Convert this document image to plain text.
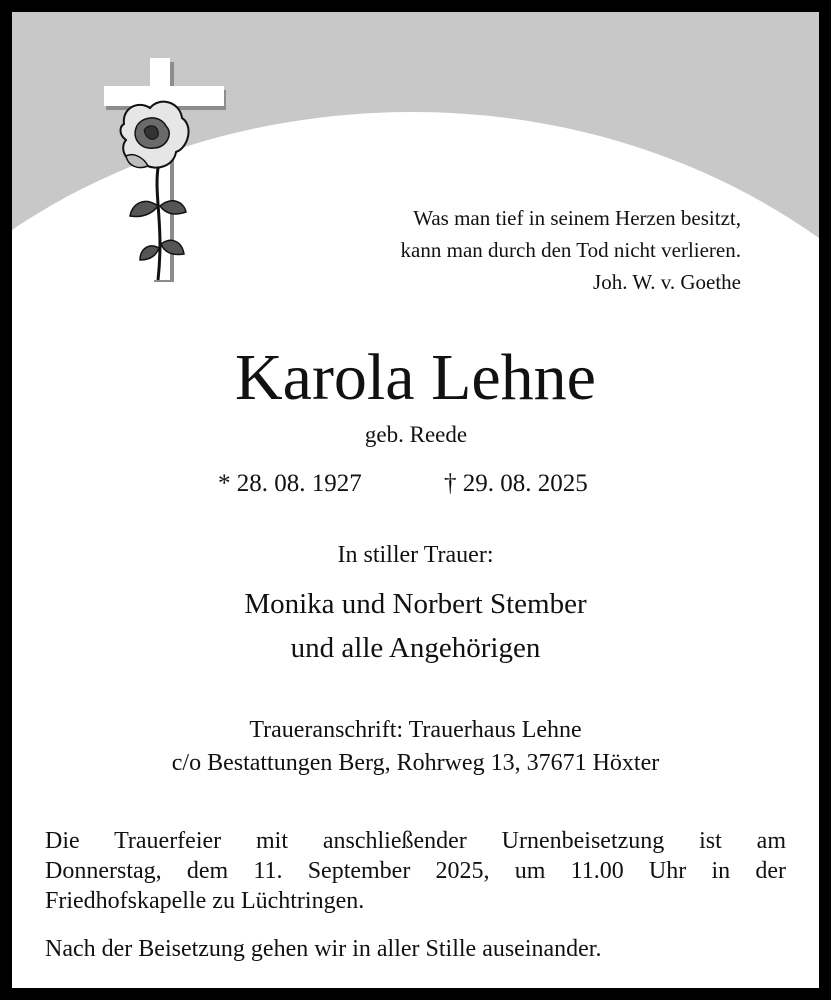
Was man tief in seinem Herzen besitzt,
kann man durch den Tod nicht verlieren.
Joh. W. v. Goethe
Karola Lehne
geb. Reede
* 28. 08. 1927	† 29. 08. 2025
In stiller Trauer:
Monika und Norbert Stember
und alle Angehörigen
Traueranschrift: Trauerhaus Lehne
c/o Bestattungen Berg, Rohrweg 13, 37671 Höxter
Die Trauerfeier mit anschließender Urnenbeisetzung ist am
Donnerstag, dem 11. September 2025, um 11.00 Uhr in der
Friedhofskapelle zu Lüchtringen.
Nach der Beisetzung gehen wir in aller Stille auseinander.
